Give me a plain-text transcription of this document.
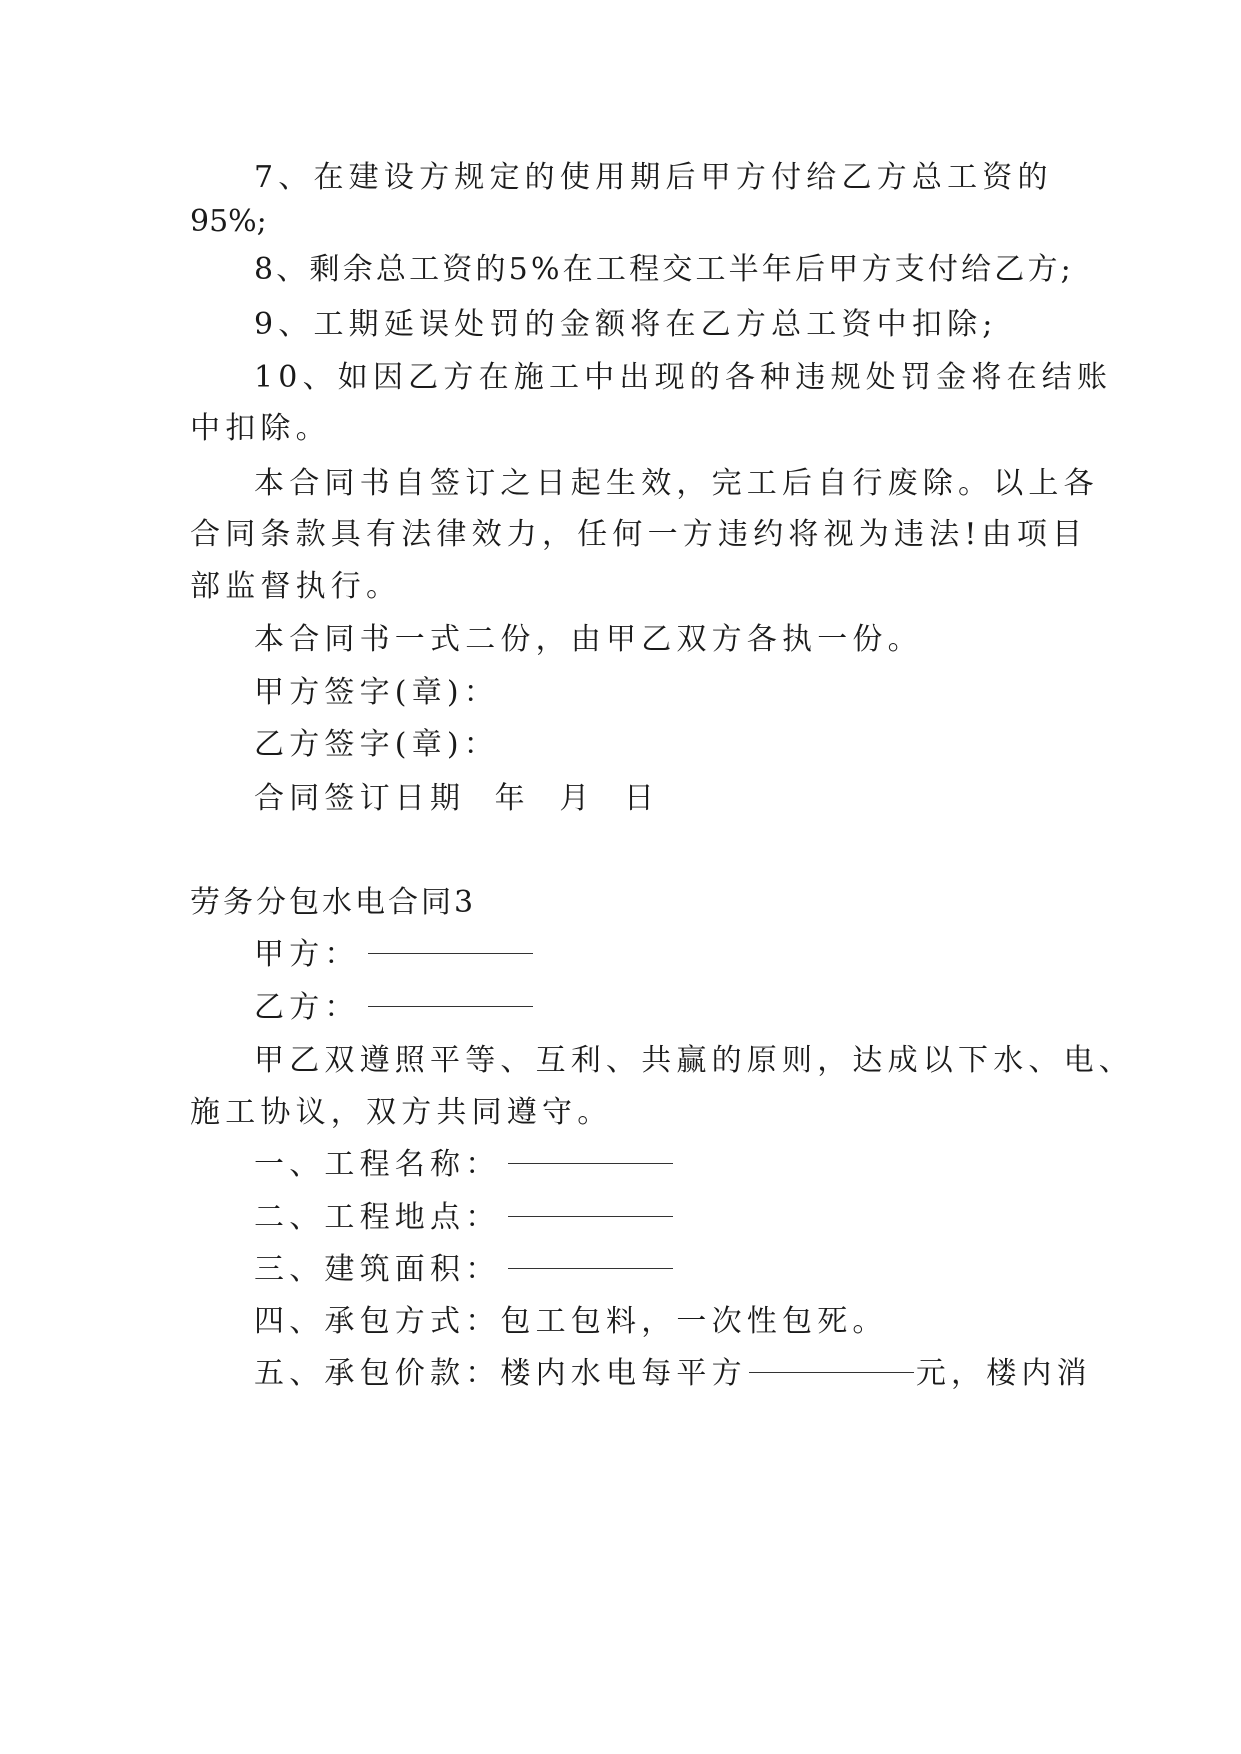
7、在建设方规定的使用期后甲方付给乙方总工资的
95%;
8、剩余总工资的5%在工程交工半年后甲方支付给乙方;
9、工期延误处罚的金额将在乙方总工资中扣除;
10、如因乙方在施工中出现的各种违规处罚金将在结账
中扣除。
本合同书自签订之日起生效，完工后自行废除。以上各
合同条款具有法律效力，任何一方违约将视为违法!由项目
部监督执行。
本合同书一式二份，由甲乙双方各执一份。
甲方签字(章)：
乙方签字(章)：
合同签订日期  年  月  日
劳务分包水电合同3
甲方：
乙方：
甲乙双遵照平等、互利、共赢的原则，达成以下水、电、
施工协议，双方共同遵守。
一、工程名称：
二、工程地点：
三、建筑面积：
四、承包方式：包工包料，一次性包死。
五、承包价款：楼内水电每平方	元，楼内消
